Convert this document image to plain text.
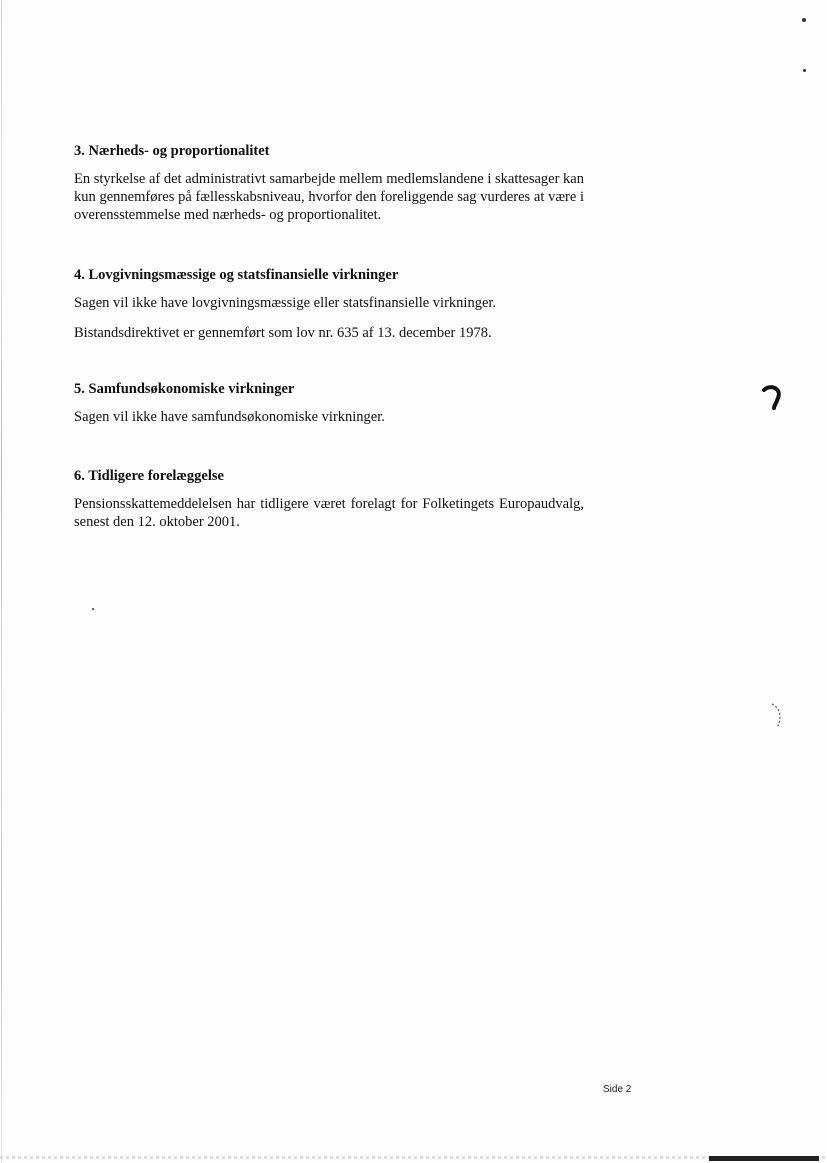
3. Nærheds- og proportionalitet

En styrkelse af det administrativt samarbejde mellem medlemslandene i skattesager kan kun gennemføres på fællesskabsniveau, hvorfor den foreliggende sag vurderes at være i overensstemmelse med nærheds- og proportionalitet.

4. Lovgivningsmæssige og statsfinansielle virkninger

Sagen vil ikke have lovgivningsmæssige eller statsfinansielle virkninger.

Bistandsdirektivet er gennemført som lov nr. 635 af 13. december 1978.

5. Samfundsøkonomiske virkninger

Sagen vil ikke have samfundsøkonomiske virkninger.

6. Tidligere forelæggelse

Pensionsskattemeddelelsen har tidligere været forelagt for Folketingets Europaudvalg, senest den 12. oktober 2001.

Side 2
